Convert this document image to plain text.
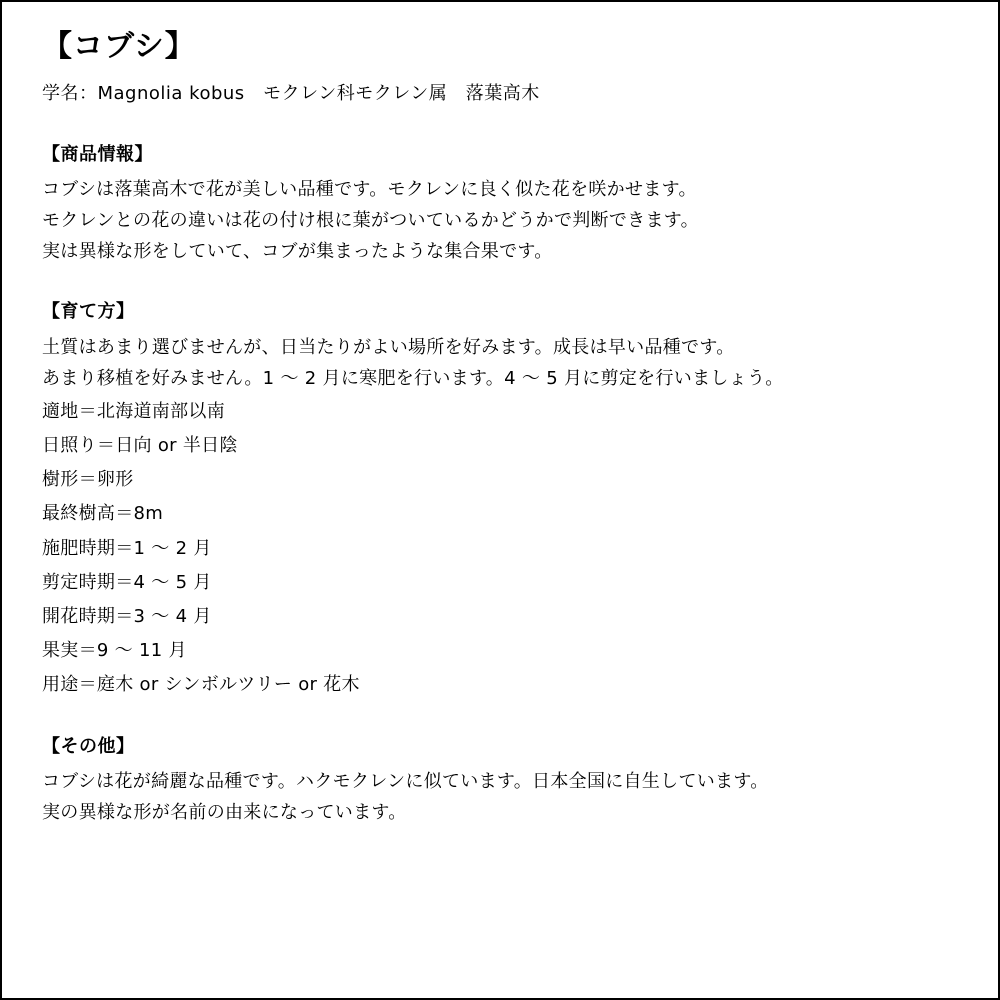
【コブシ】
学名：Magnolia kobus　モクレン科モクレン属　落葉高木
【商品情報】

コブシは落葉高木で花が美しい品種です。モクレンに良く似た花を咲かせます。

モクレンとの花の違いは花の付け根に葉がついているかどうかで判断できます。

実は異様な形をしていて、コブが集まったような集合果です。

【育て方】

土質はあまり選びませんが、日当たりがよい場所を好みます。成長は早い品種です。

あまり移植を好みません。1 〜 2 月に寒肥を行います。4 〜 5 月に剪定を行いましょう。

適地＝北海道南部以南
日照り＝日向 or 半日陰
樹形＝卵形
最終樹高＝8m
施肥時期＝1 〜 2 月
剪定時期＝4 〜 5 月
開花時期＝3 〜 4 月
果実＝9 〜 11 月
用途＝庭木 or シンボルツリー or 花木
【その他】

コブシは花が綺麗な品種です。ハクモクレンに似ています。日本全国に自生しています。

実の異様な形が名前の由来になっています。
